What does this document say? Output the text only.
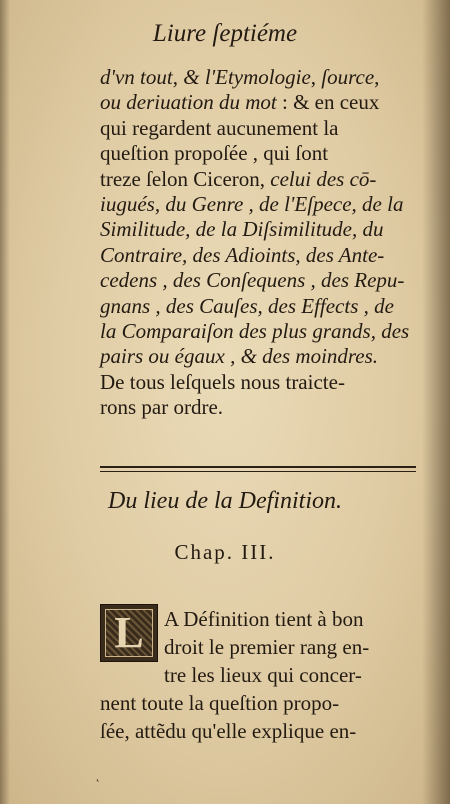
Liure ſeptiéme
d'vn tout, & l'Etymologie, ſource,
ou deriuation du mot : & en ceux
qui regardent aucunement la
queſtion propoſée , qui ſont
treze ſelon Ciceron, celui des cō-
iugués, du Genre , de l'Eſpece, de la
Similitude, de la Diſsimilitude, du
Contraire, des Adioints, des Ante-
cedens , des Conſequens , des Repu-
gnans , des Cauſes, des Effects , de
la Comparaiſon des plus grands, des
pairs ou égaux , & des moindres.
De tous leſquels nous traicte-
rons par ordre.
Du lieu de la Definition.
Chap. III.
L A Définition tient à bon
droit le premier rang en-
tre les lieux qui concer-
nent toute la queſtion propo-
ſée, attẽdu qu'elle explique en-
˛
